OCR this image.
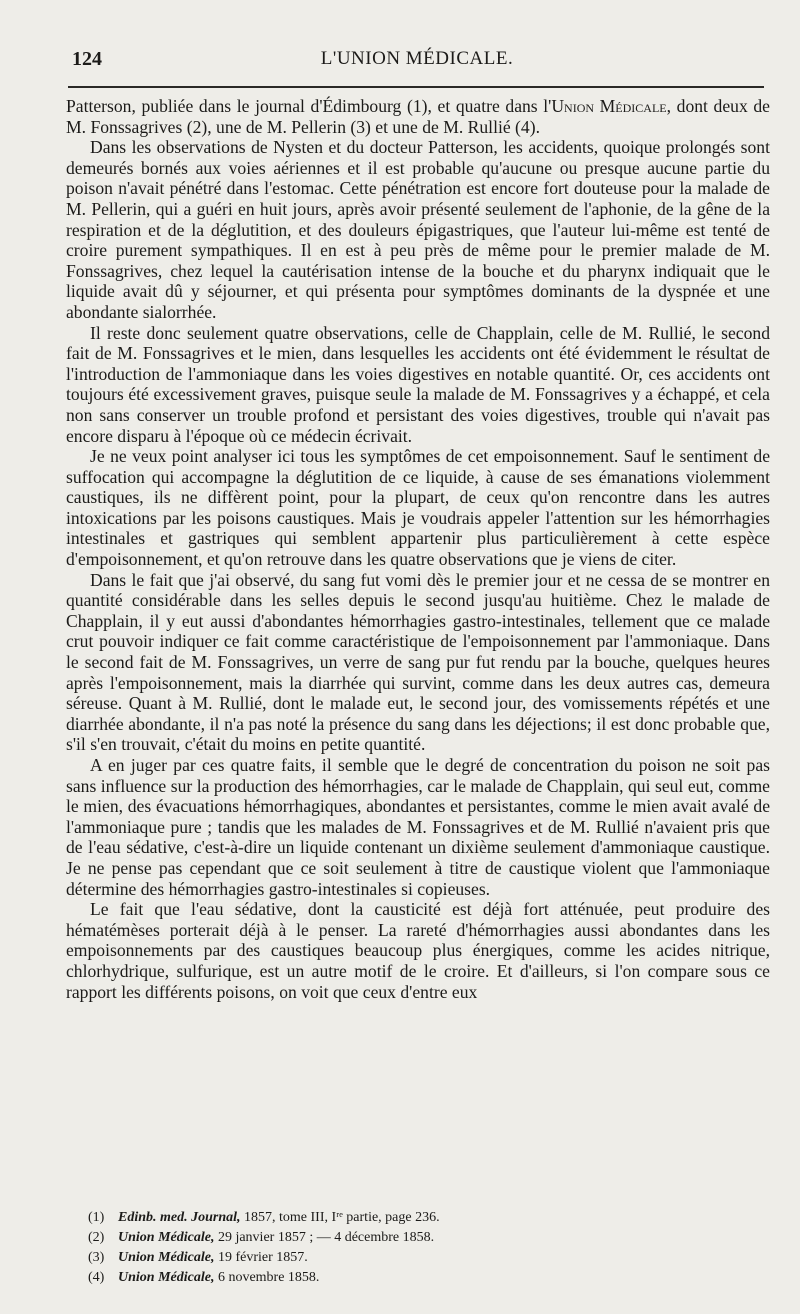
124	L'UNION MÉDICALE.

Patterson, publiée dans le journal d'Édimbourg (1), et quatre dans l'Union Médicale, dont deux de M. Fonssagrives (2), une de M. Pellerin (3) et une de M. Rullié (4).

Dans les observations de Nysten et du docteur Patterson, les accidents, quoique prolongés sont demeurés bornés aux voies aériennes et il est probable qu'aucune ou presque aucune partie du poison n'avait pénétré dans l'estomac. Cette pénétration est encore fort douteuse pour la malade de M. Pellerin, qui a guéri en huit jours, après avoir présenté seulement de l'aphonie, de la gêne de la respiration et de la déglutition, et des douleurs épigastriques, que l'auteur lui-même est tenté de croire purement sympathiques. Il en est à peu près de même pour le premier malade de M. Fonssagrives, chez lequel la cautérisation intense de la bouche et du pharynx indiquait que le liquide avait dû y séjourner, et qui présenta pour symptômes dominants de la dyspnée et une abondante sialorrhée.

Il reste donc seulement quatre observations, celle de Chapplain, celle de M. Rullié, le second fait de M. Fonssagrives et le mien, dans lesquelles les accidents ont été évidemment le résultat de l'introduction de l'ammoniaque dans les voies digestives en notable quantité. Or, ces accidents ont toujours été excessivement graves, puisque seule la malade de M. Fonssagrives y a échappé, et cela non sans conserver un trouble profond et persistant des voies digestives, trouble qui n'avait pas encore disparu à l'époque où ce médecin écrivait.

Je ne veux point analyser ici tous les symptômes de cet empoisonnement. Sauf le sentiment de suffocation qui accompagne la déglutition de ce liquide, à cause de ses émanations violemment caustiques, ils ne diffèrent point, pour la plupart, de ceux qu'on rencontre dans les autres intoxications par les poisons caustiques. Mais je voudrais appeler l'attention sur les hémorrhagies intestinales et gastriques qui semblent appartenir plus particulièrement à cette espèce d'empoisonnement, et qu'on retrouve dans les quatre observations que je viens de citer.

Dans le fait que j'ai observé, du sang fut vomi dès le premier jour et ne cessa de se montrer en quantité considérable dans les selles depuis le second jusqu'au huitième. Chez le malade de Chapplain, il y eut aussi d'abondantes hémorrhagies gastro-intestinales, tellement que ce malade crut pouvoir indiquer ce fait comme caractéristique de l'empoisonnement par l'ammoniaque. Dans le second fait de M. Fonssagrives, un verre de sang pur fut rendu par la bouche, quelques heures après l'empoisonnement, mais la diarrhée qui survint, comme dans les deux autres cas, demeura séreuse. Quant à M. Rullié, dont le malade eut, le second jour, des vomissements répétés et une diarrhée abondante, il n'a pas noté la présence du sang dans les déjections; il est donc probable que, s'il s'en trouvait, c'était du moins en petite quantité.

A en juger par ces quatre faits, il semble que le degré de concentration du poison ne soit pas sans influence sur la production des hémorrhagies, car le malade de Chapplain, qui seul eut, comme le mien, des évacuations hémorrhagiques, abondantes et persistantes, comme le mien avait avalé de l'ammoniaque pure ; tandis que les malades de M. Fonssagrives et de M. Rullié n'avaient pris que de l'eau sédative, c'est-à-dire un liquide contenant un dixième seulement d'ammoniaque caustique. Je ne pense pas cependant que ce soit seulement à titre de caustique violent que l'ammoniaque détermine des hémorrhagies gastro-intestinales si copieuses.

Le fait que l'eau sédative, dont la causticité est déjà fort atténuée, peut produire des hématémèses porterait déjà à le penser. La rareté d'hémorrhagies aussi abondantes dans les empoisonnements par des caustiques beaucoup plus énergiques, comme les acides nitrique, chlorhydrique, sulfurique, est un autre motif de le croire. Et d'ailleurs, si l'on compare sous ce rapport les différents poisons, on voit que ceux d'entre eux

(1) Edinb. med. Journal, 1857, tome III, Iʳᵉ partie, page 236.
(2) Union Médicale, 29 janvier 1857 ; — 4 décembre 1858.
(3) Union Médicale, 19 février 1857.
(4) Union Médicale, 6 novembre 1858.
